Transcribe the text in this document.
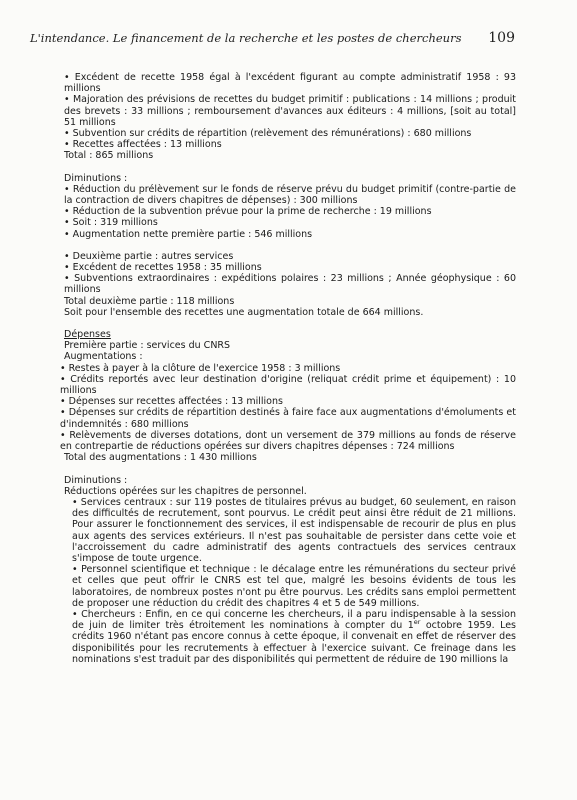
L'intendance. Le financement de la recherche et les postes de chercheurs 109

• Excédent de recette 1958 égal à l'excédent figurant au compte administratif 1958 : 93 millions

• Majoration des prévisions de recettes du budget primitif : publications : 14 millions ; produit des brevets : 33 millions ; remboursement d'avances aux éditeurs : 4 millions, [soit au total] 51 millions

• Subvention sur crédits de répartition (relèvement des rémunérations) : 680 millions

• Recettes affectées : 13 millions

Total : 865 millions

Diminutions :

• Réduction du prélèvement sur le fonds de réserve prévu du budget primitif (contre-partie de la contraction de divers chapitres de dépenses) : 300 millions

• Réduction de la subvention prévue pour la prime de recherche : 19 millions

• Soit : 319 millions

• Augmentation nette première partie : 546 millions

• Deuxième partie : autres services

• Excédent de recettes 1958 : 35 millions

• Subventions extraordinaires : expéditions polaires : 23 millions ; Année géophysique : 60 millions

Total deuxième partie : 118 millions

Soit pour l'ensemble des recettes une augmentation totale de 664 millions.

Dépenses

Première partie : services du CNRS

Augmentations :

• Restes à payer à la clôture de l'exercice 1958 : 3 millions

• Crédits reportés avec leur destination d'origine (reliquat crédit prime et équipement) : 10 millions

• Dépenses sur recettes affectées : 13 millions

• Dépenses sur crédits de répartition destinés à faire face aux augmentations d'émoluments et d'indemnités : 680 millions

• Relèvements de diverses dotations, dont un versement de 379 millions au fonds de réserve en contrepartie de réductions opérées sur divers chapitres dépenses : 724 millions

Total des augmentations : 1 430 millions

Diminutions :

Réductions opérées sur les chapitres de personnel.

• Services centraux : sur 119 postes de titulaires prévus au budget, 60 seulement, en raison des difficultés de recrutement, sont pourvus. Le crédit peut ainsi être réduit de 21 millions. Pour assurer le fonctionnement des services, il est indispensable de recourir de plus en plus aux agents des services extérieurs. Il n'est pas souhaitable de persister dans cette voie et l'accroissement du cadre administratif des agents contractuels des services centraux s'impose de toute urgence.

• Personnel scientifique et technique : le décalage entre les rémunérations du secteur privé et celles que peut offrir le CNRS est tel que, malgré les besoins évidents de tous les laboratoires, de nombreux postes n'ont pu être pourvus. Les crédits sans emploi permettent de proposer une réduction du crédit des chapitres 4 et 5 de 549 millions.

• Chercheurs : Enfin, en ce qui concerne les chercheurs, il a paru indispensable à la session de juin de limiter très étroitement les nominations à compter du 1er octobre 1959. Les crédits 1960 n'étant pas encore connus à cette époque, il convenait en effet de réserver des disponibilités pour les recrutements à effectuer à l'exercice suivant. Ce freinage dans les nominations s'est traduit par des disponibilités qui permettent de réduire de 190 millions la
